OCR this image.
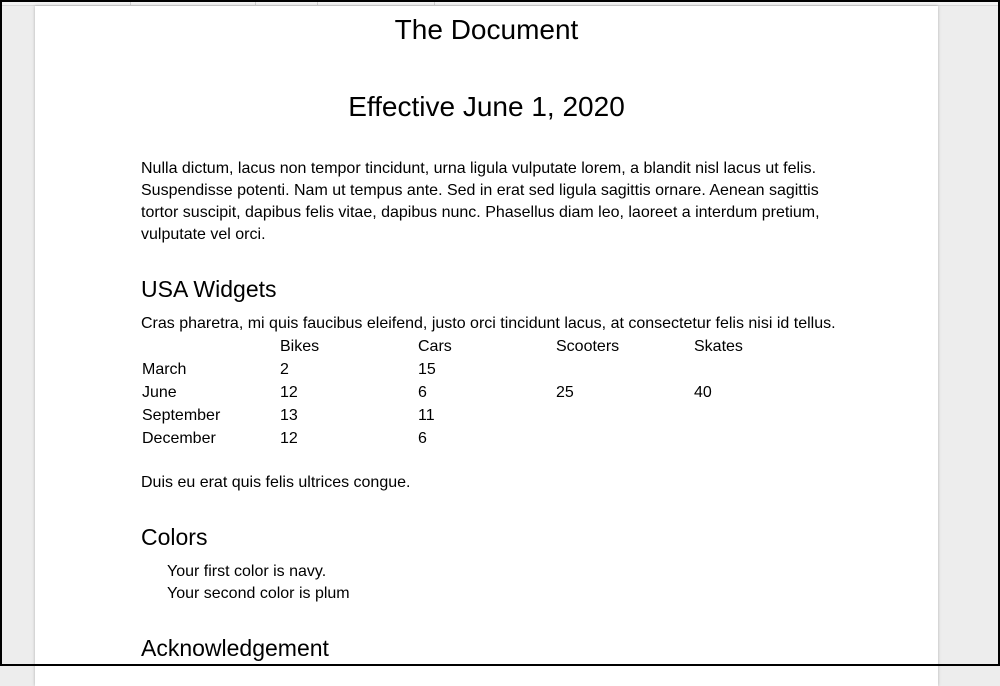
The Document
Effective June 1, 2020

Nulla dictum, lacus non tempor tincidunt, urna ligula vulputate lorem, a blandit nisl lacus ut felis. Suspendisse potenti. Nam ut tempus ante. Sed in erat sed ligula sagittis ornare. Aenean sagittis tortor suscipit, dapibus felis vitae, dapibus nunc. Phasellus diam leo, laoreet a interdum pretium, vulputate vel orci.

USA Widgets

Cras pharetra, mi quis faucibus eleifend, justo orci tincidunt lacus, at consectetur felis nisi id tellus.

	Bikes	Cars	Scooters	Skates
March	2	15		
June	12	6	25	40
September	13	11		
December	12	6		

Duis eu erat quis felis ultrices congue.

Colors
Your first color is navy.
Your second color is plum
Acknowledgement
